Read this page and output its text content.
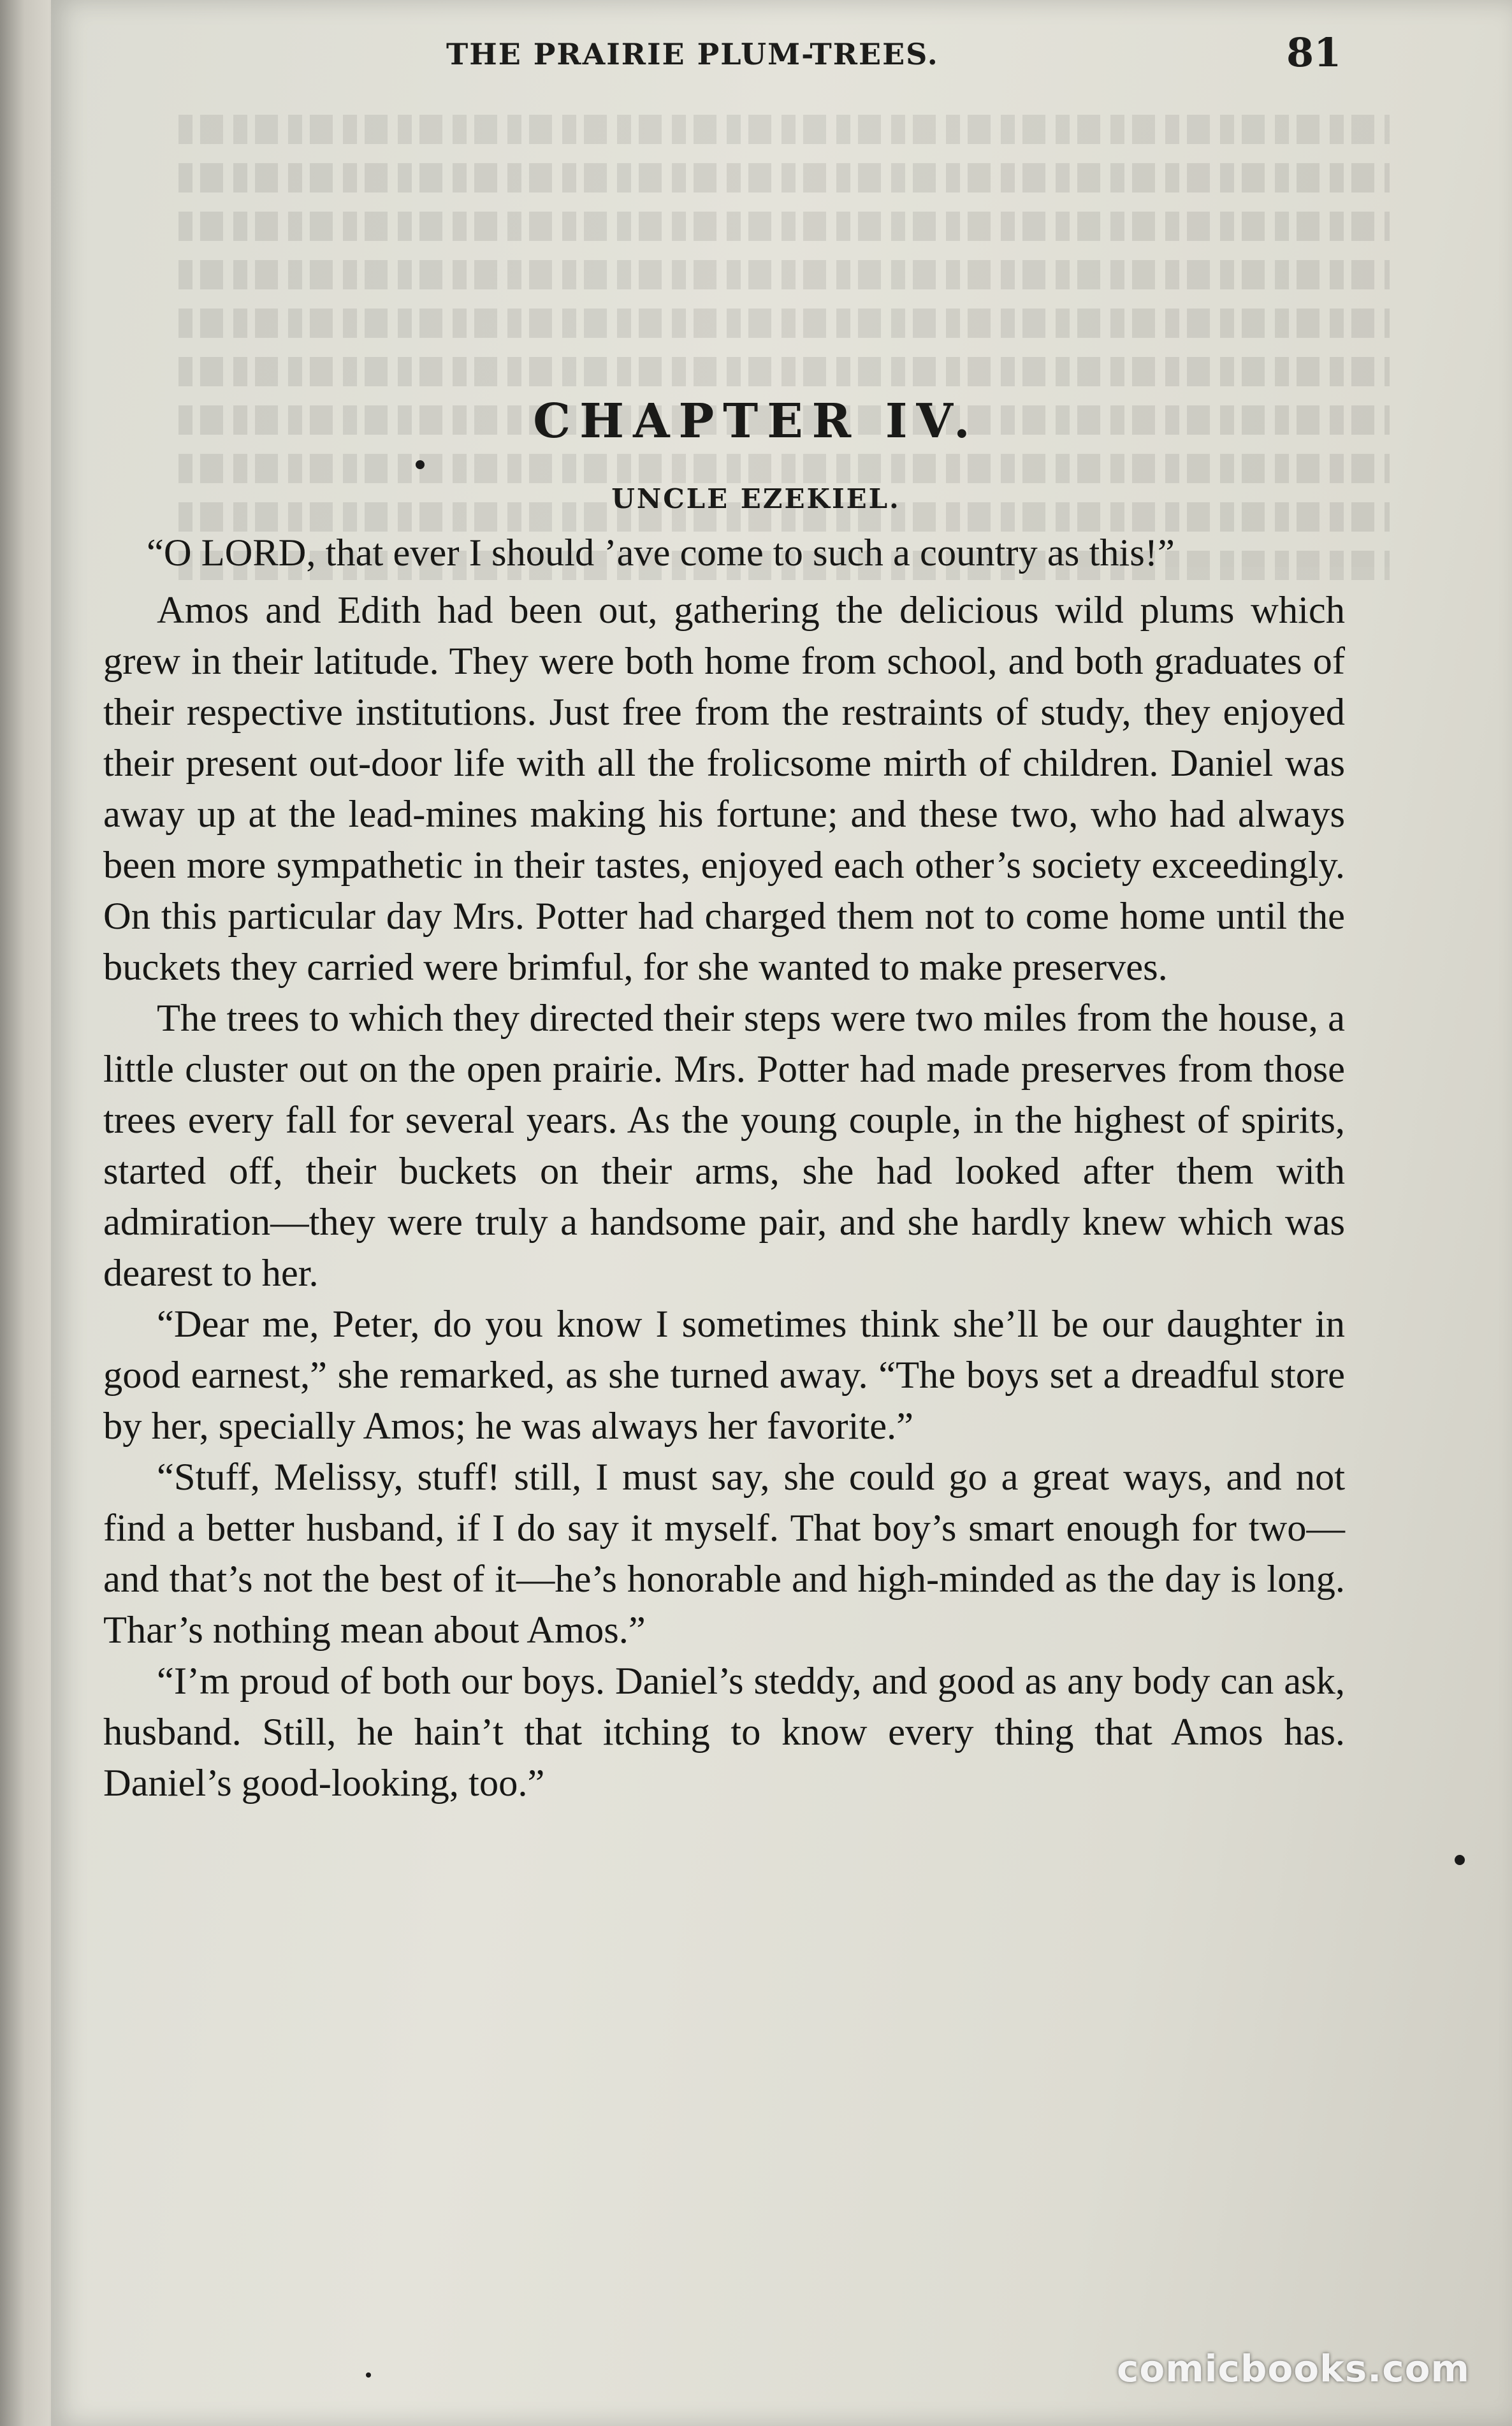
THE PRAIRIE PLUM-TREES.	81
CHAPTER IV.
UNCLE EZEKIEL.

“O LORD, that ever I should ’ave come to such a country as this!”

Amos and Edith had been out, gathering the delicious wild plums which grew in their latitude. They were both home from school, and both graduates of their respective institutions. Just free from the restraints of study, they enjoyed their present out-door life with all the frolicsome mirth of children. Daniel was away up at the lead-mines making his fortune; and these two, who had always been more sympathetic in their tastes, enjoyed each other’s society exceedingly. On this particular day Mrs. Potter had charged them not to come home until the buckets they carried were brimful, for she wanted to make preserves.

The trees to which they directed their steps were two miles from the house, a little cluster out on the open prairie. Mrs. Potter had made preserves from those trees every fall for several years. As the young couple, in the highest of spirits, started off, their buckets on their arms, she had looked after them with admiration—they were truly a handsome pair, and she hardly knew which was dearest to her.

“Dear me, Peter, do you know I sometimes think she’ll be our daughter in good earnest,” she remarked, as she turned away. “The boys set a dreadful store by her, specially Amos; he was always her favorite.”

“Stuff, Melissy, stuff! still, I must say, she could go a great ways, and not find a better husband, if I do say it myself. That boy’s smart enough for two—and that’s not the best of it—he’s honorable and high-minded as the day is long. Thar’s nothing mean about Amos.”

“I’m proud of both our boys. Daniel’s steddy, and good as any body can ask, husband. Still, he hain’t that itching to know every thing that Amos has. Daniel’s good-looking, too.”

comicbooks.com
